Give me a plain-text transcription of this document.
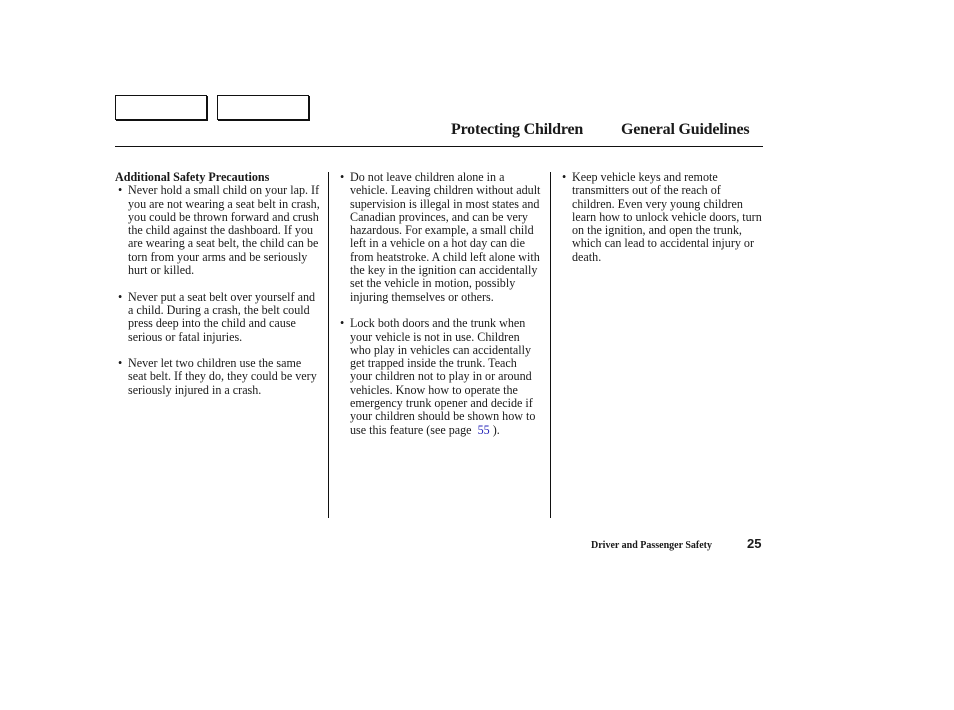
Protecting Children General Guidelines

Additional Safety Precautions

• Never hold a small child on your lap. If you are not wearing a seat belt in crash, you could be thrown forward and crush the child against the dashboard. If you are wearing a seat belt, the child can be torn from your arms and be seriously hurt or killed.
• Never put a seat belt over yourself and a child. During a crash, the belt could press deep into the child and cause serious or fatal injuries.
• Never let two children use the same seat belt. If they do, they could be very seriously injured in a crash.
• Do not leave children alone in a vehicle. Leaving children without adult supervision is illegal in most states and Canadian provinces, and can be very hazardous. For example, a small child left in a vehicle on a hot day can die from heatstroke. A child left alone with the key in the ignition can accidentally set the vehicle in motion, possibly injuring themselves or others.
• Lock both doors and the trunk when your vehicle is not in use. Children who play in vehicles can accidentally get trapped inside the trunk. Teach your children not to play in or around vehicles. Know how to operate the emergency trunk opener and decide if your children should be shown how to use this feature (see page 55 ).
• Keep vehicle keys and remote transmitters out of the reach of children. Even very young children learn how to unlock vehicle doors, turn on the ignition, and open the trunk, which can lead to accidental injury or death.
Driver and Passenger Safety	25
